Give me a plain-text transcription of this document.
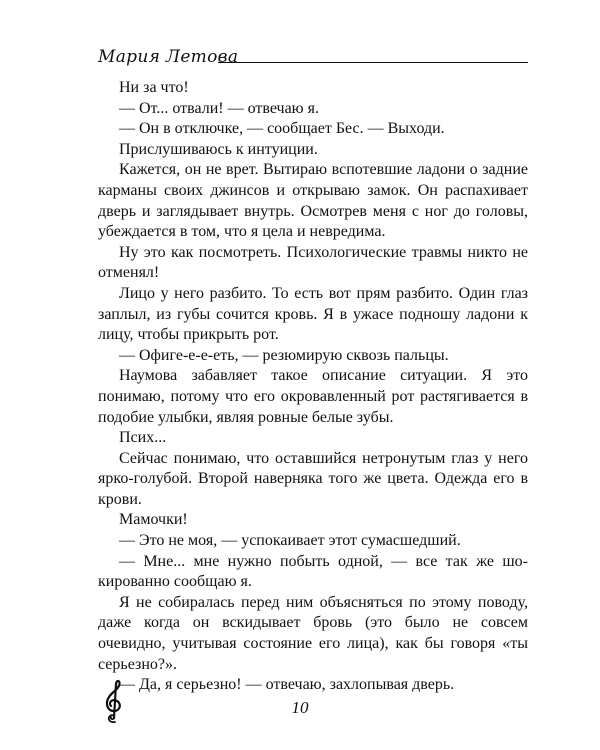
Мария Летова

Ни за что!

— От... отвали! — отвечаю я.

— Он в отключке, — сообщает Бес. — Выходи.

Прислушиваюсь к интуиции.

Кажется, он не врет. Вытираю вспотевшие ладони о задние карманы своих джинсов и открываю замок. Он распахивает дверь и заглядывает внутрь. Осмотрев меня с ног до головы, убеждается в том, что я цела и невредима.

Ну это как посмотреть. Психологические травмы никто не отменял!

Лицо у него разбито. То есть вот прям разбито. Один глаз заплыл, из губы сочится кровь. Я в ужасе подношу ладони к лицу, чтобы прикрыть рот.

— Офиге-е-е-еть, — резюмирую сквозь пальцы.

Наумова забавляет такое описание ситуации. Я это понимаю, потому что его окровавленный рот растягивается в подобие улыбки, являя ровные белые зубы.

Псих...

Сейчас понимаю, что оставшийся нетронутым глаз у него ярко-голубой. Второй наверняка того же цвета. Одежда его в крови.

Мамочки!

— Это не моя, — успокаивает этот сумасшедший.

— Мне... мне нужно побыть одной, — все так же шокированно сообщаю я.

Я не собиралась перед ним объясняться по этому поводу, даже когда он вскидывает бровь (это было не совсем очевидно, учитывая состояние его лица), как бы говоря «ты серьезно?».

— Да, я серьезно! — отвечаю, захлопывая дверь.

10
